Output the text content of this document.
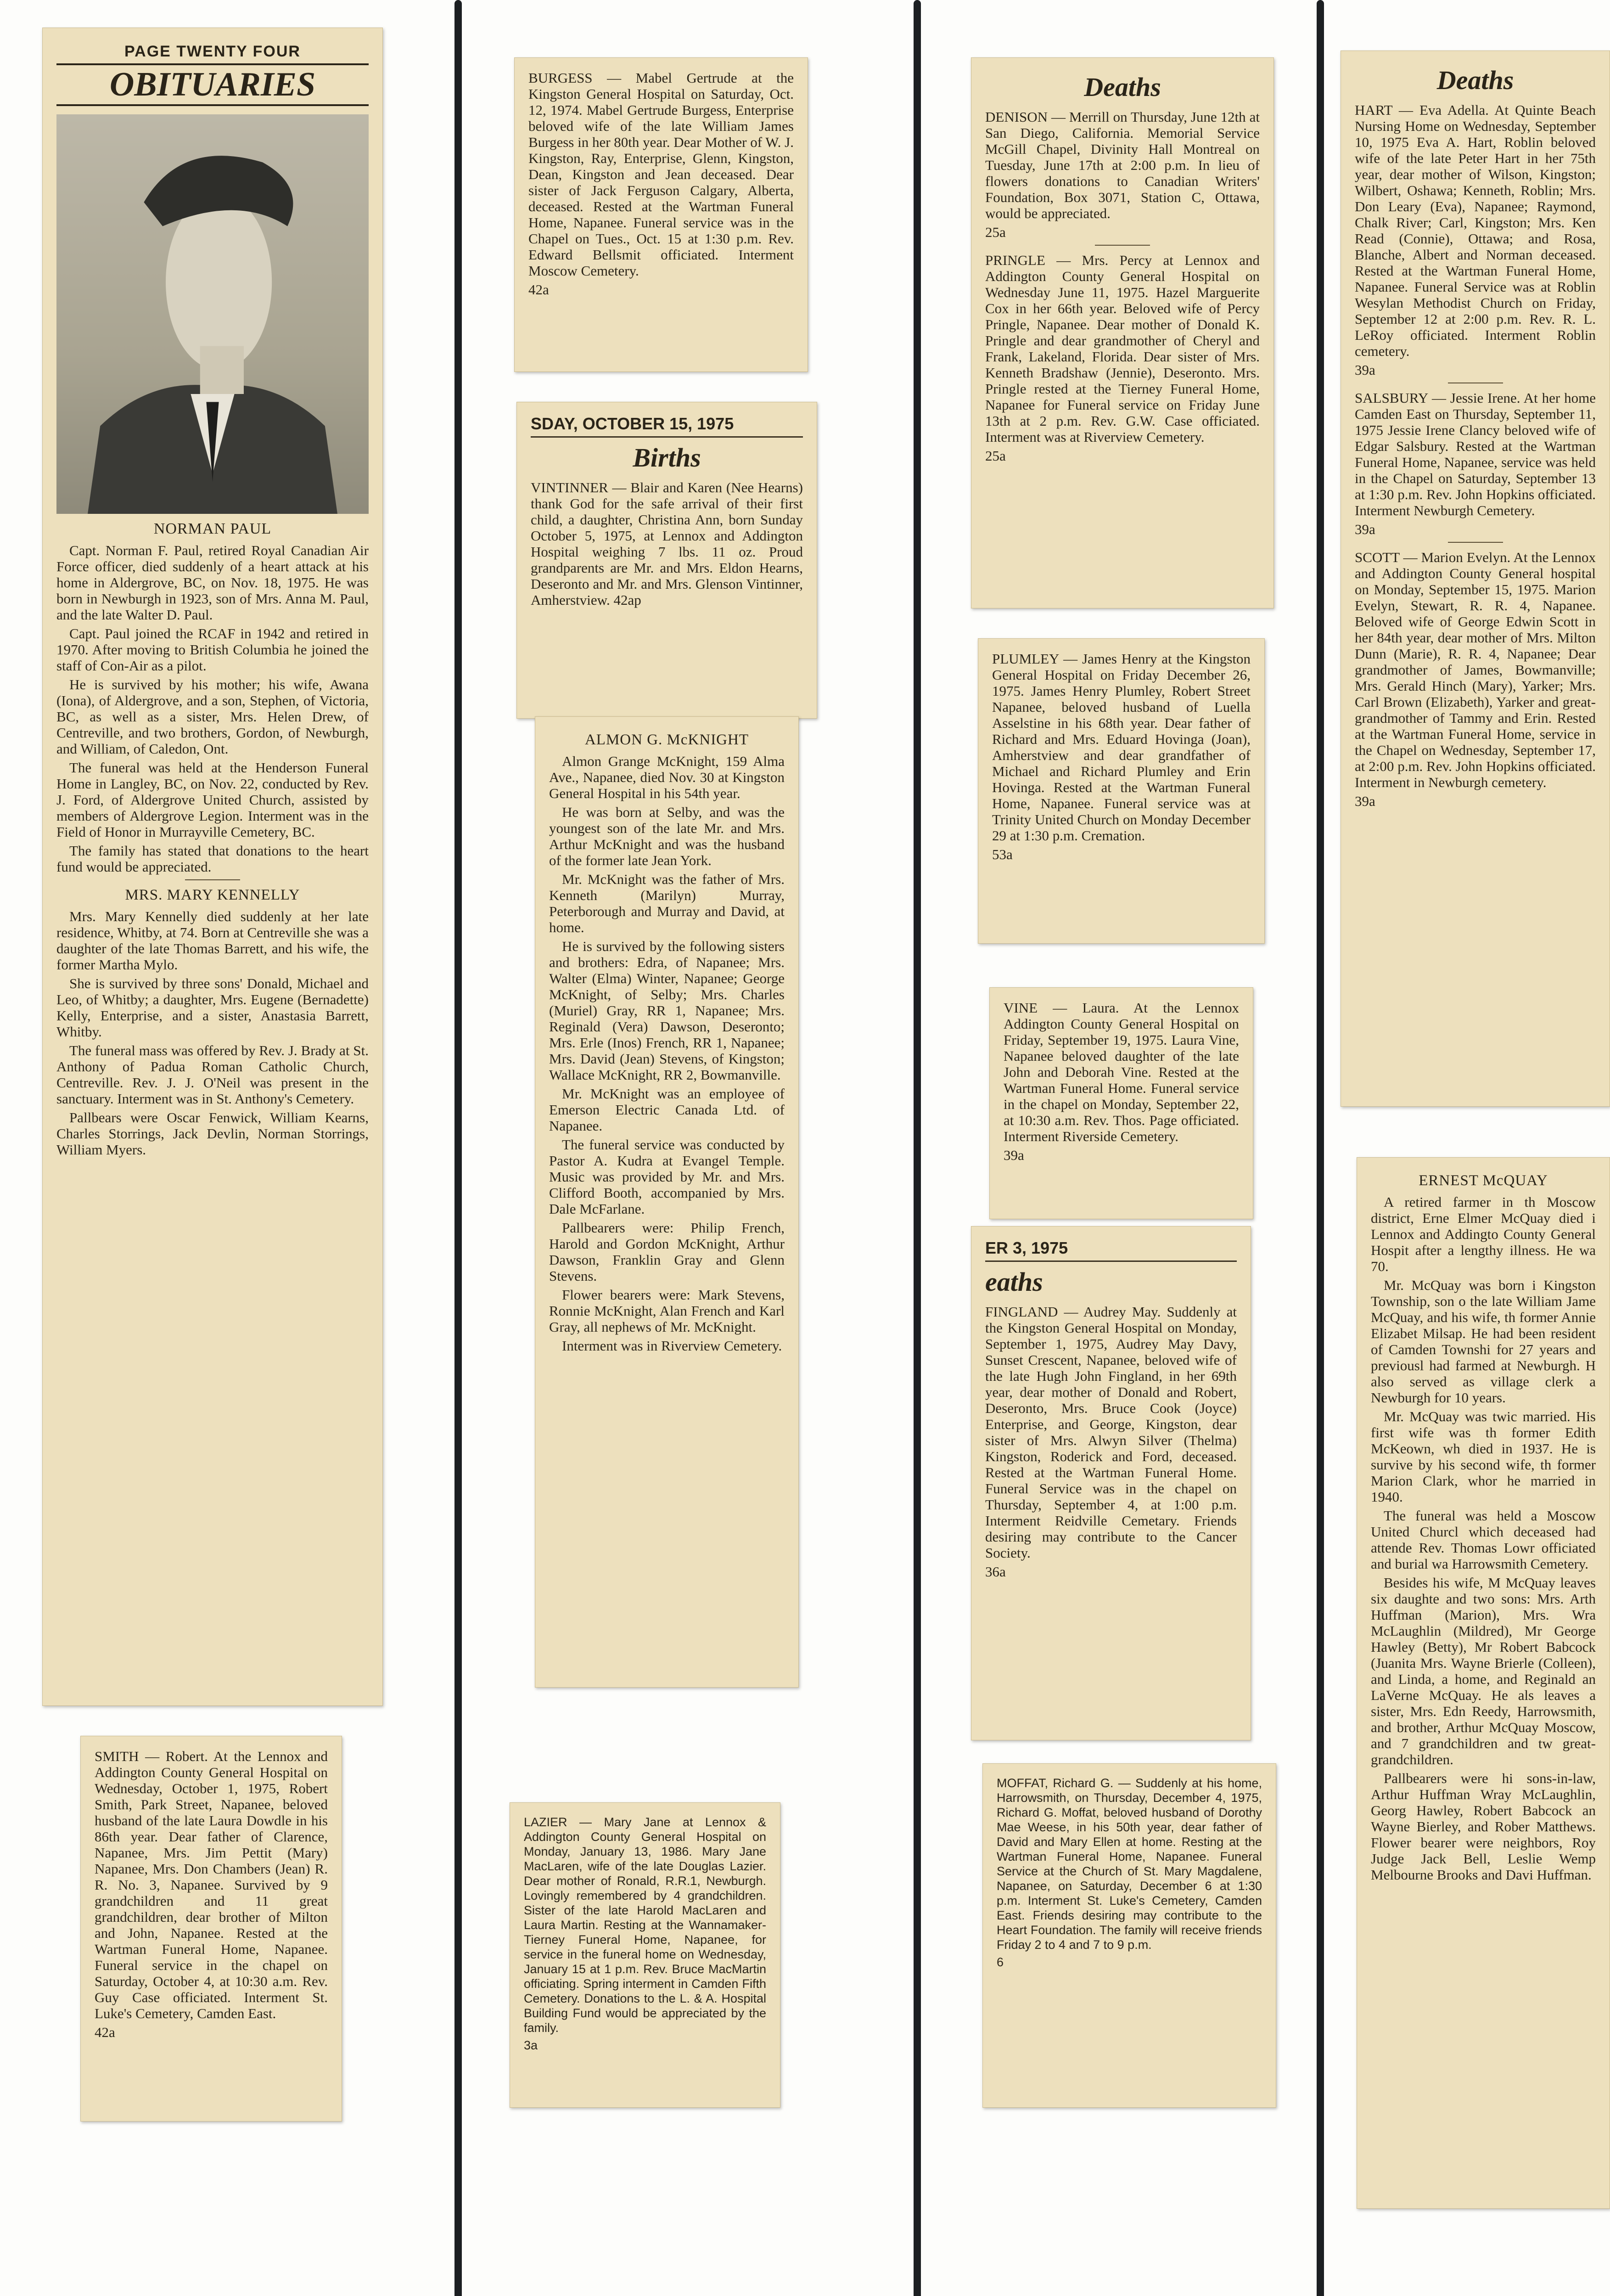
PAGE TWENTY FOUR
OBITUARIES
NORMAN PAUL

Capt. Norman F. Paul, retired Royal Canadian Air Force officer, died suddenly of a heart attack at his home in Aldergrove, BC, on Nov. 18, 1975. He was born in Newburgh in 1923, son of Mrs. Anna M. Paul, and the late Walter D. Paul.

Capt. Paul joined the RCAF in 1942 and retired in 1970. After moving to British Columbia he joined the staff of Con-Air as a pilot.

He is survived by his mother; his wife, Awana (Iona), of Aldergrove, and a son, Stephen, of Victoria, BC, as well as a sister, Mrs. Helen Drew, of Centreville, and two brothers, Gordon, of Newburgh, and William, of Caledon, Ont.

The funeral was held at the Henderson Funeral Home in Langley, BC, on Nov. 22, conducted by Rev. J. Ford, of Aldergrove United Church, assisted by members of Aldergrove Legion. Interment was in the Field of Honor in Murrayville Cemetery, BC.

The family has stated that donations to the heart fund would be appreciated.

MRS. MARY KENNELLY

Mrs. Mary Kennelly died suddenly at her late residence, Whitby, at 74. Born at Centreville she was a daughter of the late Thomas Barrett, and his wife, the former Martha Mylo.

She is survived by three sons' Donald, Michael and Leo, of Whitby; a daughter, Mrs. Eugene (Bernadette) Kelly, Enterprise, and a sister, Anastasia Barrett, Whitby.

The funeral mass was offered by Rev. J. Brady at St. Anthony of Padua Roman Catholic Church, Centreville. Rev. J. J. O'Neil was present in the sanctuary. Interment was in St. Anthony's Cemetery.

Pallbears were Oscar Fenwick, William Kearns, Charles Storrings, Jack Devlin, Norman Storrings, William Myers.

SMITH — Robert. At the Lennox and Addington County General Hospital on Wednesday, October 1, 1975, Robert Smith, Park Street, Napanee, beloved husband of the late Laura Dowdle in his 86th year. Dear father of Clarence, Napanee, Mrs. Jim Pettit (Mary) Napanee, Mrs. Don Chambers (Jean) R. R. No. 3, Napanee. Survived by 9 grandchildren and 11 great grandchildren, dear brother of Milton and John, Napanee. Rested at the Wartman Funeral Home, Napanee. Funeral service in the chapel on Saturday, October 4, at 10:30 a.m. Rev. Guy Case officiated. Interment St. Luke's Cemetery, Camden East.

42a

BURGESS — Mabel Gertrude at the Kingston General Hospital on Saturday, Oct. 12, 1974. Mabel Gertrude Burgess, Enterprise beloved wife of the late William James Burgess in her 80th year. Dear Mother of W. J. Kingston, Ray, Enterprise, Glenn, Kingston, Dean, Kingston and Jean deceased. Dear sister of Jack Ferguson Calgary, Alberta, deceased. Rested at the Wartman Funeral Home, Napanee. Funeral service was in the Chapel on Tues., Oct. 15 at 1:30 p.m. Rev. Edward Bellsmit officiated. Interment Moscow Cemetery.

42a

SDAY, OCTOBER 15, 1975
Births

VINTINNER — Blair and Karen (Nee Hearns) thank God for the safe arrival of their first child, a daughter, Christina Ann, born Sunday October 5, 1975, at Lennox and Addington Hospital weighing 7 lbs. 11 oz. Proud grandparents are Mr. and Mrs. Eldon Hearns, Deseronto and Mr. and Mrs. Glenson Vintinner, Amherstview. 42ap

ALMON G. McKNIGHT

Almon Grange McKnight, 159 Alma Ave., Napanee, died Nov. 30 at Kingston General Hospital in his 54th year.

He was born at Selby, and was the youngest son of the late Mr. and Mrs. Arthur McKnight and was the husband of the former late Jean York.

Mr. McKnight was the father of Mrs. Kenneth (Marilyn) Murray, Peterborough and Murray and David, at home.

He is survived by the following sisters and brothers: Edra, of Napanee; Mrs. Walter (Elma) Winter, Napanee; George McKnight, of Selby; Mrs. Charles (Muriel) Gray, RR 1, Napanee; Mrs. Reginald (Vera) Dawson, Deseronto; Mrs. Erle (Inos) French, RR 1, Napanee; Mrs. David (Jean) Stevens, of Kingston; Wallace McKnight, RR 2, Bowmanville.

Mr. McKnight was an employee of Emerson Electric Canada Ltd. of Napanee.

The funeral service was conducted by Pastor A. Kudra at Evangel Temple. Music was provided by Mr. and Mrs. Clifford Booth, accompanied by Mrs. Dale McFarlane.

Pallbearers were: Philip French, Harold and Gordon McKnight, Arthur Dawson, Franklin Gray and Glenn Stevens.

Flower bearers were: Mark Stevens, Ronnie McKnight, Alan French and Karl Gray, all nephews of Mr. McKnight.

Interment was in Riverview Cemetery.

LAZIER — Mary Jane at Lennox & Addington County General Hospital on Monday, January 13, 1986. Mary Jane MacLaren, wife of the late Douglas Lazier. Dear mother of Ronald, R.R.1, Newburgh. Lovingly remembered by 4 grandchildren. Sister of the late Harold MacLaren and Laura Martin. Resting at the Wannamaker-Tierney Funeral Home, Napanee, for service in the funeral home on Wednesday, January 15 at 1 p.m. Rev. Bruce MacMartin officiating. Spring interment in Camden Fifth Cemetery. Donations to the L. & A. Hospital Building Fund would be appreciated by the family.

3a

Deaths

DENISON — Merrill on Thursday, June 12th at San Diego, California. Memorial Service McGill Chapel, Divinity Hall Montreal on Tuesday, June 17th at 2:00 p.m. In lieu of flowers donations to Canadian Writers' Foundation, Box 3071, Station C, Ottawa, would be appreciated.

25a

PRINGLE — Mrs. Percy at Lennox and Addington County General Hospital on Wednesday June 11, 1975. Hazel Marguerite Cox in her 66th year. Beloved wife of Percy Pringle, Napanee. Dear mother of Donald K. Pringle and dear grandmother of Cheryl and Frank, Lakeland, Florida. Dear sister of Mrs. Kenneth Bradshaw (Jennie), Deseronto. Mrs. Pringle rested at the Tierney Funeral Home, Napanee for Funeral service on Friday June 13th at 2 p.m. Rev. G.W. Case officiated. Interment was at Riverview Cemetery.

25a

PLUMLEY — James Henry at the Kingston General Hospital on Friday December 26, 1975. James Henry Plumley, Robert Street Napanee, beloved husband of Luella Asselstine in his 68th year. Dear father of Richard and Mrs. Eduard Hovinga (Joan), Amherstview and dear grandfather of Michael and Richard Plumley and Erin Hovinga. Rested at the Wartman Funeral Home, Napanee. Funeral service was at Trinity United Church on Monday December 29 at 1:30 p.m. Cremation.

53a

VINE — Laura. At the Lennox Addington County General Hospital on Friday, September 19, 1975. Laura Vine, Napanee beloved daughter of the late John and Deborah Vine. Rested at the Wartman Funeral Home. Funeral service in the chapel on Monday, September 22, at 10:30 a.m. Rev. Thos. Page officiated. Interment Riverside Cemetery.

39a

ER 3, 1975
eaths

FINGLAND — Audrey May. Suddenly at the Kingston General Hospital on Monday, September 1, 1975, Audrey May Davy, Sunset Crescent, Napanee, beloved wife of the late Hugh John Fingland, in her 69th year, dear mother of Donald and Robert, Deseronto, Mrs. Bruce Cook (Joyce) Enterprise, and George, Kingston, dear sister of Mrs. Alwyn Silver (Thelma) Kingston, Roderick and Ford, deceased. Rested at the Wartman Funeral Home. Funeral Service was in the chapel on Thursday, September 4, at 1:00 p.m. Interment Reidville Cemetary. Friends desiring may contribute to the Cancer Society.

36a

MOFFAT, Richard G. — Suddenly at his home, Harrowsmith, on Thursday, December 4, 1975, Richard G. Moffat, beloved husband of Dorothy Mae Weese, in his 50th year, dear father of David and Mary Ellen at home. Resting at the Wartman Funeral Home, Napanee. Funeral Service at the Church of St. Mary Magdalene, Napanee, on Saturday, December 6 at 1:30 p.m. Interment St. Luke's Cemetery, Camden East. Friends desiring may contribute to the Heart Foundation. The family will receive friends Friday 2 to 4 and 7 to 9 p.m.

6

Deaths

HART — Eva Adella. At Quinte Beach Nursing Home on Wednesday, September 10, 1975 Eva A. Hart, Roblin beloved wife of the late Peter Hart in her 75th year, dear mother of Wilson, Kingston; Wilbert, Oshawa; Kenneth, Roblin; Mrs. Don Leary (Eva), Napanee; Raymond, Chalk River; Carl, Kingston; Mrs. Ken Read (Connie), Ottawa; and Rosa, Blanche, Albert and Norman deceased. Rested at the Wartman Funeral Home, Napanee. Funeral Service was at Roblin Wesylan Methodist Church on Friday, September 12 at 2:00 p.m. Rev. R. L. LeRoy officiated. Interment Roblin cemetery.

39a

SALSBURY — Jessie Irene. At her home Camden East on Thursday, September 11, 1975 Jessie Irene Clancy beloved wife of Edgar Salsbury. Rested at the Wartman Funeral Home, Napanee, service was held in the Chapel on Saturday, September 13 at 1:30 p.m. Rev. John Hopkins officiated. Interment Newburgh Cemetery.

39a

SCOTT — Marion Evelyn. At the Lennox and Addington County General hospital on Monday, September 15, 1975. Marion Evelyn, Stewart, R. R. 4, Napanee. Beloved wife of George Edwin Scott in her 84th year, dear mother of Mrs. Milton Dunn (Marie), R. R. 4, Napanee; Dear grandmother of James, Bowmanville; Mrs. Gerald Hinch (Mary), Yarker; Mrs. Carl Brown (Elizabeth), Yarker and great-grandmother of Tammy and Erin. Rested at the Wartman Funeral Home, service in the Chapel on Wednesday, September 17, at 2:00 p.m. Rev. John Hopkins officiated. Interment in Newburgh cemetery.

39a

ERNEST McQUAY

A retired farmer in th Moscow district, Erne Elmer McQuay died i Lennox and Addingto County General Hospit after a lengthy illness. He wa 70.

Mr. McQuay was born i Kingston Township, son o the late William Jame McQuay, and his wife, th former Annie Elizabet Milsap. He had been resident of Camden Townshi for 27 years and previousl had farmed at Newburgh. H also served as village clerk a Newburgh for 10 years.

Mr. McQuay was twic married. His first wife was th former Edith McKeown, wh died in 1937. He is survive by his second wife, th former Marion Clark, whor he married in 1940.

The funeral was held a Moscow United Churcl which deceased had attende Rev. Thomas Lowr officiated and burial wa Harrowsmith Cemetery.

Besides his wife, M McQuay leaves six daughte and two sons: Mrs. Arth Huffman (Marion), Mrs. Wra McLaughlin (Mildred), Mr George Hawley (Betty), Mr Robert Babcock (Juanita Mrs. Wayne Brierle (Colleen), and Linda, a home, and Reginald an LaVerne McQuay. He als leaves a sister, Mrs. Edn Reedy, Harrowsmith, and brother, Arthur McQuay Moscow, and 7 grandchildren and tw great-grandchildren.

Pallbearers were hi sons-in-law, Arthur Huffman Wray McLaughlin, Georg Hawley, Robert Babcock an Wayne Bierley, and Rober Matthews. Flower bearer were neighbors, Roy Judge Jack Bell, Leslie Wemp Melbourne Brooks and Davi Huffman.
